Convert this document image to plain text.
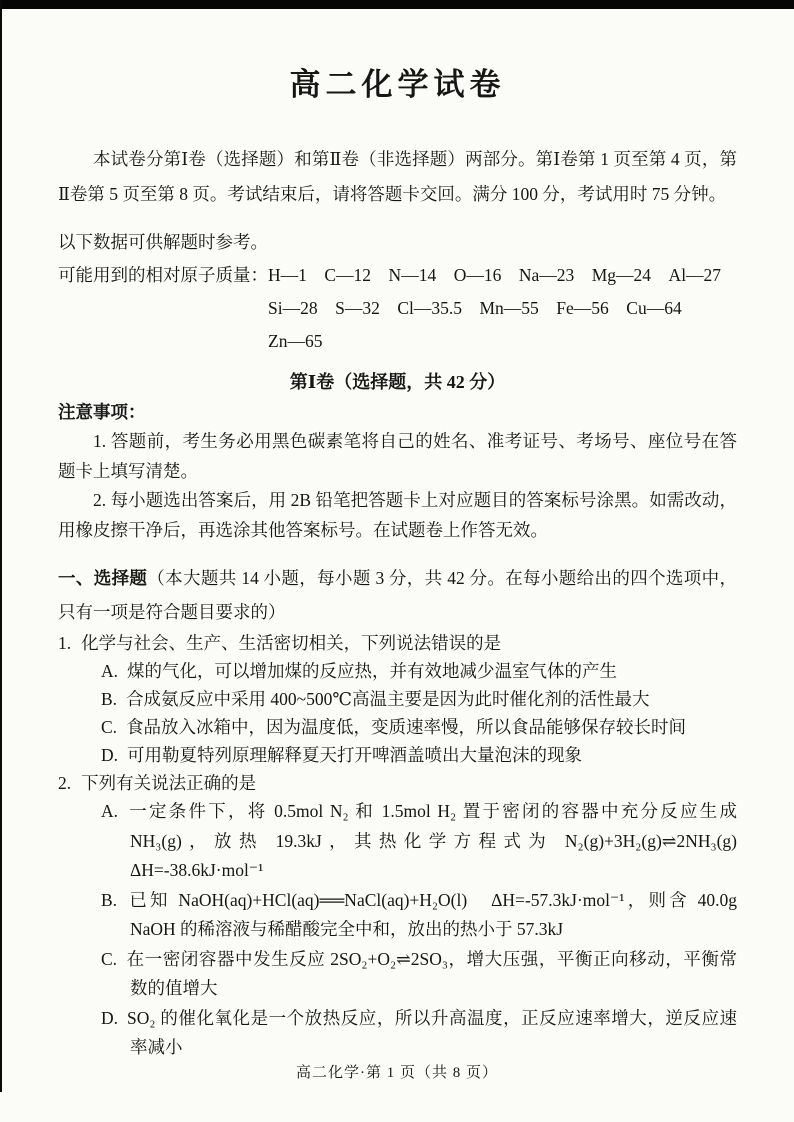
高二化学试卷

本试卷分第Ⅰ卷（选择题）和第Ⅱ卷（非选择题）两部分。第Ⅰ卷第 1 页至第 4 页，第Ⅱ卷第 5 页至第 8 页。考试结束后，请将答题卡交回。满分 100 分，考试用时 75 分钟。

以下数据可供解题时参考。

可能用到的相对原子质量： H—1　C—12　N—14　O—16　Na—23　Mg—24　Al—27
Si—28　S—32　Cl—35.5　Mn—55　Fe—56　Cu—64
Zn—65
第Ⅰ卷（选择题，共 42 分）

注意事项：

1. 答题前，考生务必用黑色碳素笔将自己的姓名、准考证号、考场号、座位号在答题卡上填写清楚。

2. 每小题选出答案后，用 2B 铅笔把答题卡上对应题目的答案标号涂黑。如需改动，用橡皮擦干净后，再选涂其他答案标号。在试题卷上作答无效。

一、选择题（本大题共 14 小题，每小题 3 分，共 42 分。在每小题给出的四个选项中，只有一项是符合题目要求的）

1. 化学与社会、生产、生活密切相关，下列说法错误的是

A. 煤的气化，可以增加煤的反应热，并有效地减少温室气体的产生
B. 合成氨反应中采用 400~500℃高温主要是因为此时催化剂的活性最大
C. 食品放入冰箱中，因为温度低，变质速率慢，所以食品能够保存较长时间
D. 可用勒夏特列原理解释夏天打开啤酒盖喷出大量泡沫的现象

2. 下列有关说法正确的是

A. 一定条件下，将 0.5mol N₂ 和 1.5mol H₂ 置于密闭的容器中充分反应生成 NH₃(g)，放热 19.3kJ，其热化学方程式为 N₂(g)+3H₂(g)⇌2NH₃(g)　ΔH=-38.6kJ·mol⁻¹
B. 已知 NaOH(aq)+HCl(aq)══NaCl(aq)+H₂O(l)　ΔH=-57.3kJ·mol⁻¹，则含 40.0g NaOH 的稀溶液与稀醋酸完全中和，放出的热小于 57.3kJ
C. 在一密闭容器中发生反应 2SO₂+O₂⇌2SO₃，增大压强，平衡正向移动，平衡常数的值增大
D. SO₂ 的催化氧化是一个放热反应，所以升高温度，正反应速率增大，逆反应速率减小
高二化学·第 1 页（共 8 页）
